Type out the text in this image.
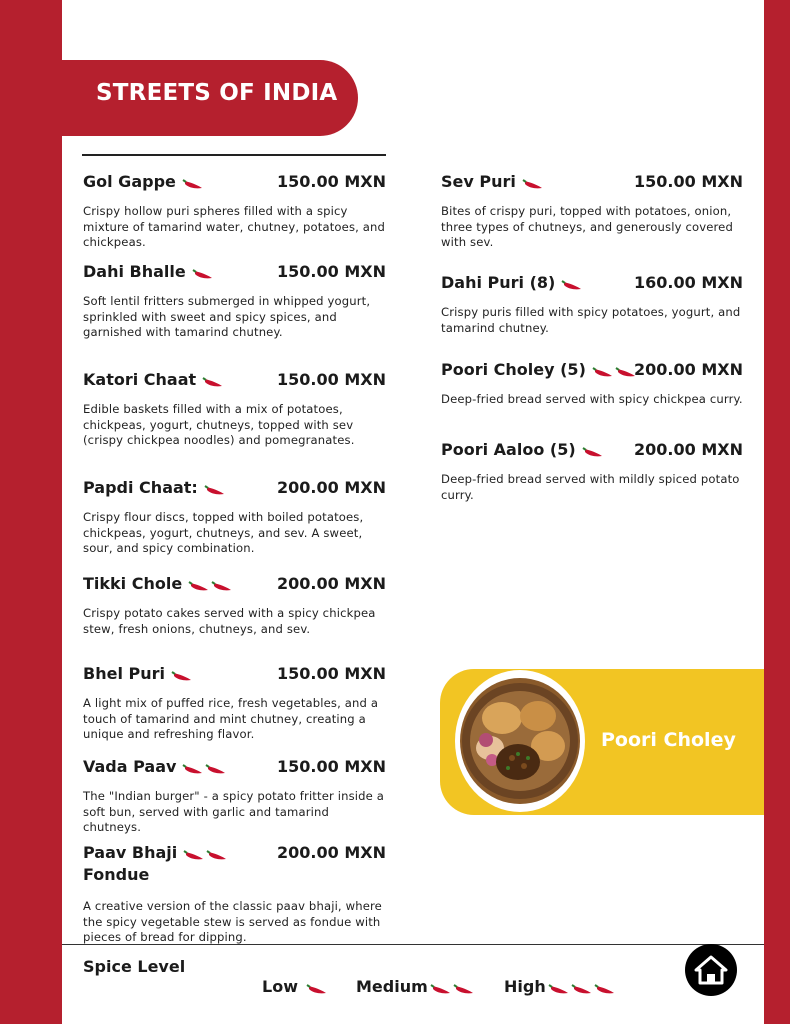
STREETS OF INDIA
Gol Gappe	150.00 MXN
Crispy hollow puri spheres filled with a spicy mixture of tamarind water, chutney, potatoes, and chickpeas.
Dahi Bhalle	150.00 MXN
Soft lentil fritters submerged in whipped yogurt, sprinkled with sweet and spicy spices, and garnished with tamarind chutney.
Katori Chaat	150.00 MXN
Edible baskets filled with a mix of potatoes, chickpeas, yogurt, chutneys, topped with sev (crispy chickpea noodles) and pomegranates.
Papdi Chaat:	200.00 MXN
Crispy flour discs, topped with boiled potatoes, chickpeas, yogurt, chutneys, and sev. A sweet, sour, and spicy combination.
Tikki Chole	200.00 MXN
Crispy potato cakes served with a spicy chickpea stew, fresh onions, chutneys, and sev.
Bhel Puri	150.00 MXN
A light mix of puffed rice, fresh vegetables, and a touch of tamarind and mint chutney, creating a unique and refreshing flavor.
Vada Paav	150.00 MXN
The "Indian burger" - a spicy potato fritter inside a soft bun, served with garlic and tamarind chutneys.
Paav Bhaji	200.00 MXN
Fondue
A creative version of the classic paav bhaji, where the spicy vegetable stew is served as fondue with pieces of bread for dipping.
Sev Puri	150.00 MXN
Bites of crispy puri, topped with potatoes, onion, three types of chutneys, and generously covered with sev.
Dahi Puri (8)	160.00 MXN
Crispy puris filled with spicy potatoes, yogurt, and tamarind chutney.
Poori Choley (5)	200.00 MXN
Deep-fried bread served with spicy chickpea curry.
Poori Aaloo (5)	200.00 MXN
Deep-fried bread served with mildly spiced potato curry.
Poori Choley
Spice Level
Low	Medium	High
